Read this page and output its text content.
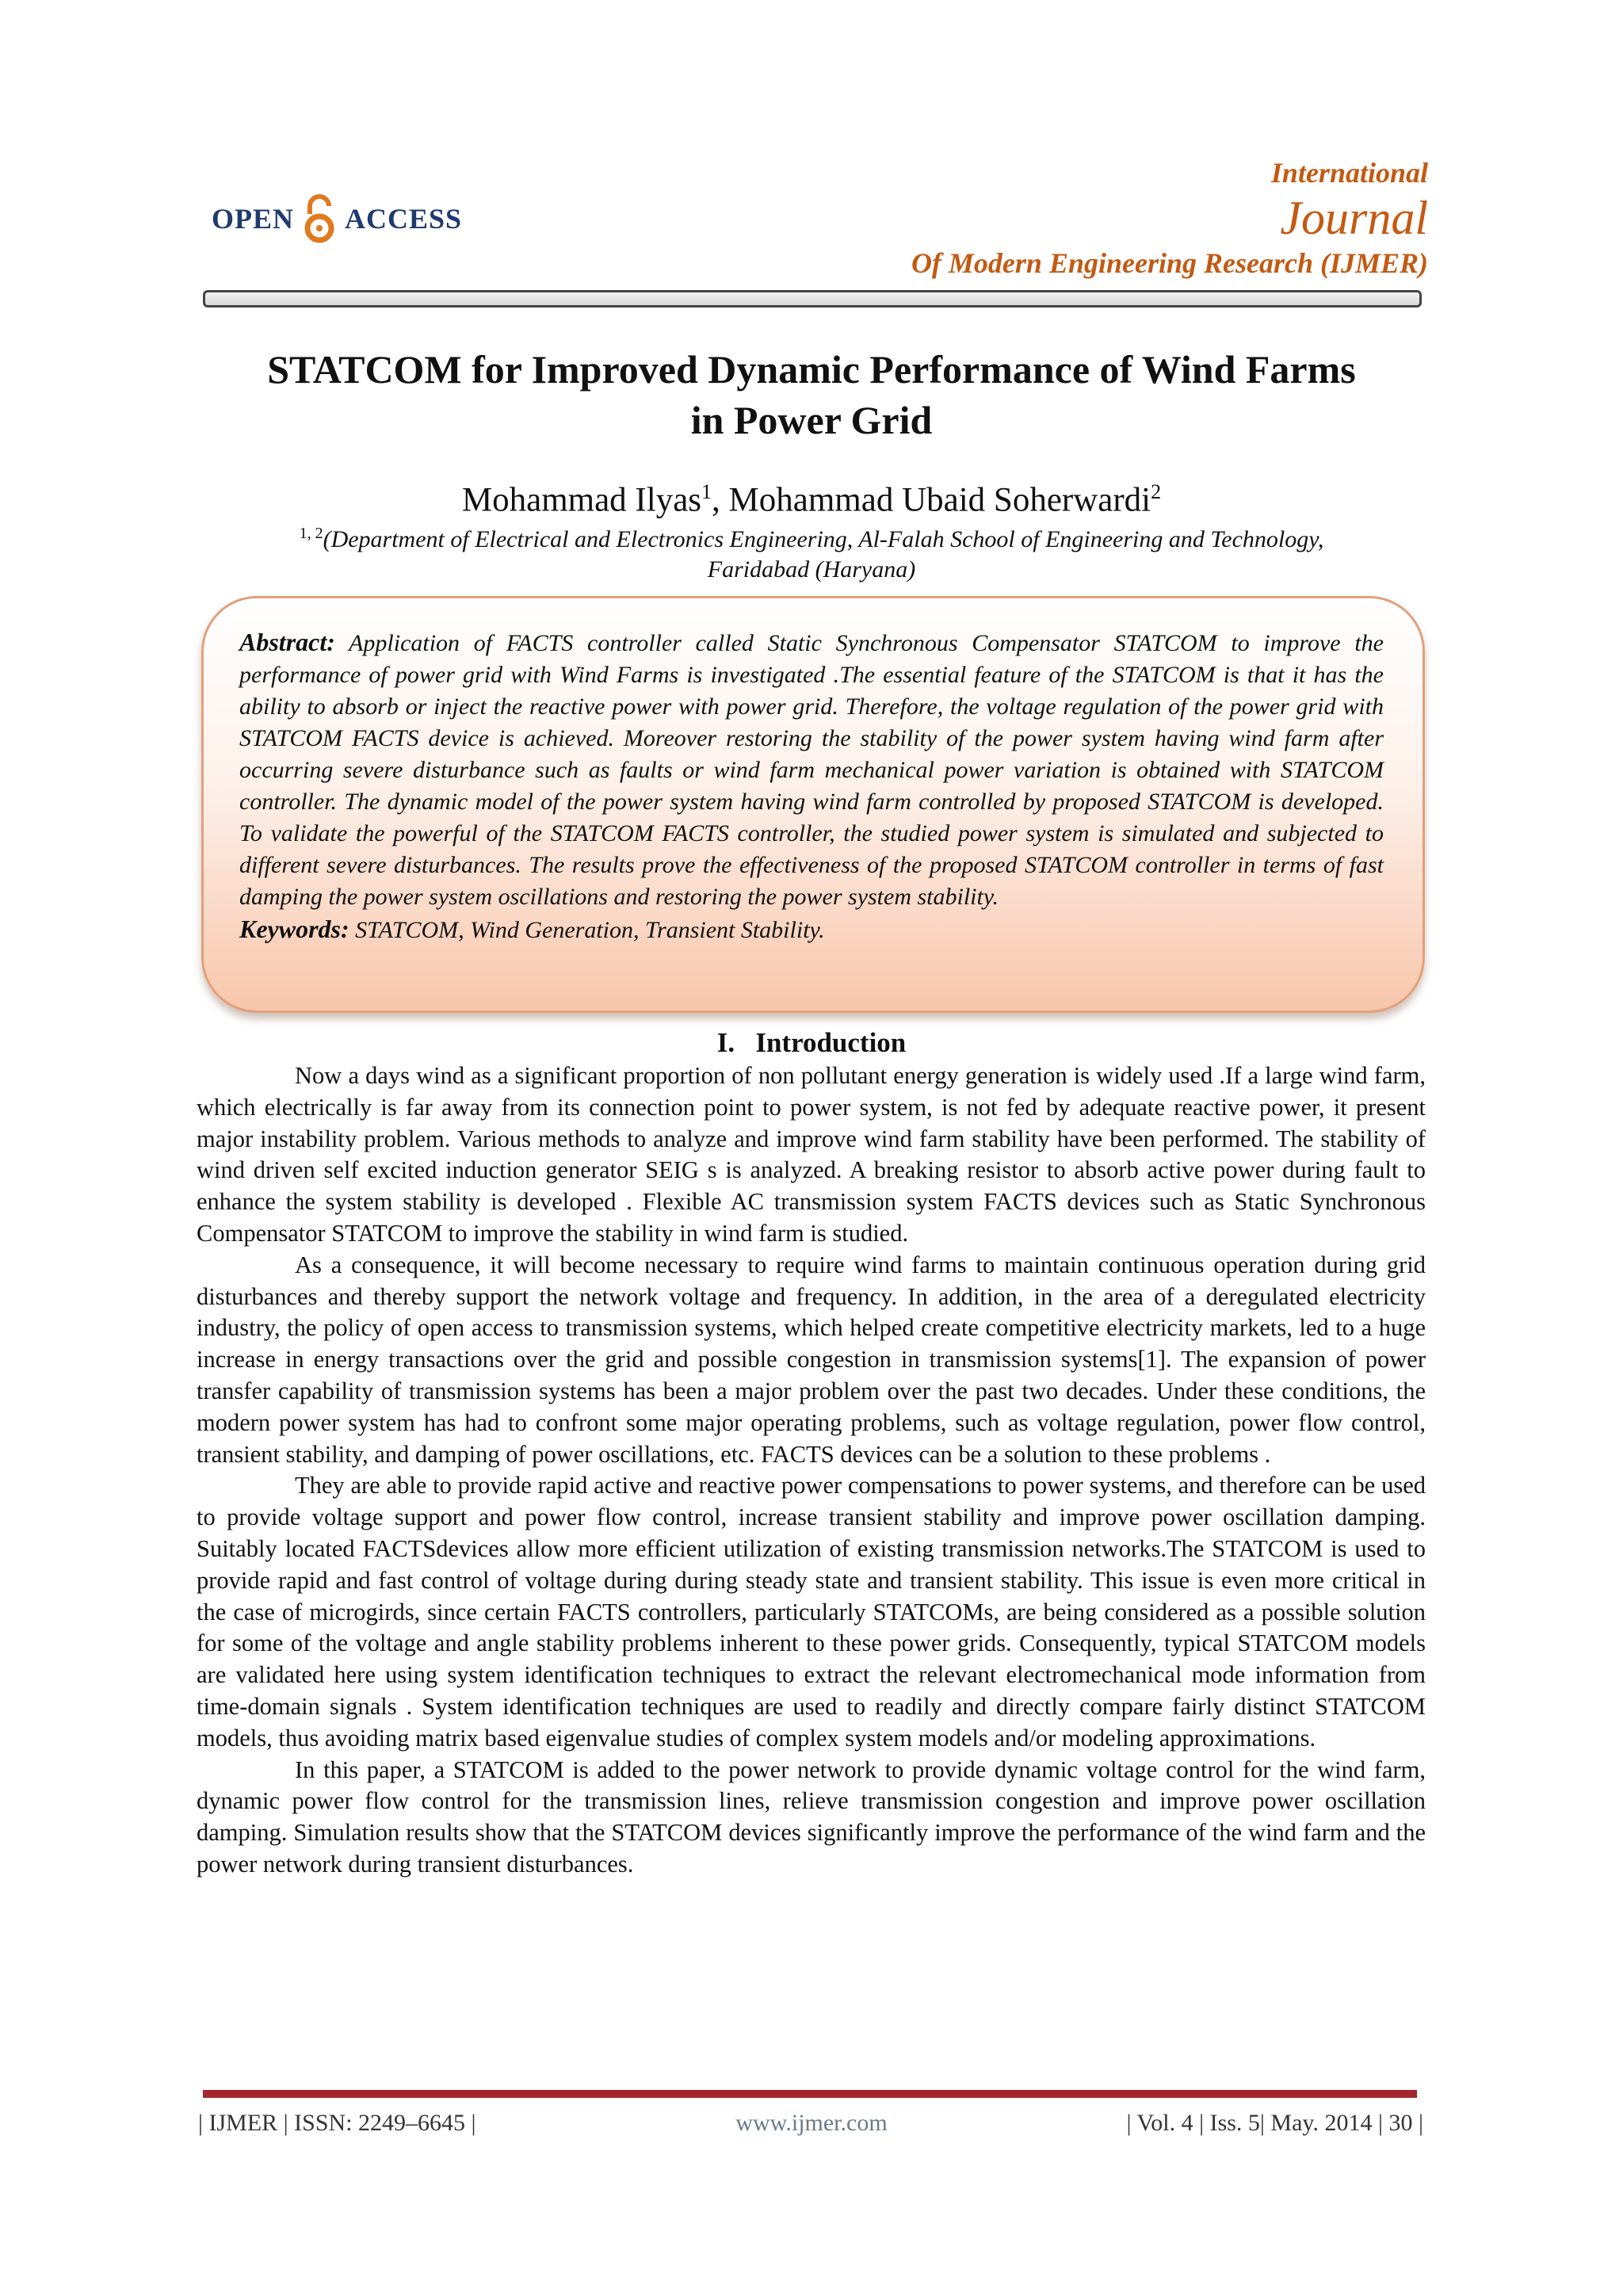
OPEN ACCESS
International
Journal
Of Modern Engineering Research (IJMER)
STATCOM for Improved Dynamic Performance of Wind Farms
in Power Grid
Mohammad Ilyas$^1$, Mohammad Ubaid Soherwardi$^2$
$^{1, 2}$(Department of Electrical and Electronics Engineering, Al-Falah School of Engineering and Technology,
Faridabad (Haryana)
Abstract: Application of FACTS controller called Static Synchronous Compensator STATCOM to improve the performance of power grid with Wind Farms is investigated .The essential feature of the STATCOM is that it has the ability to absorb or inject the reactive power with power grid. Therefore, the voltage regulation of the power grid with STATCOM FACTS device is achieved. Moreover restoring the stability of the power system having wind farm after occurring severe disturbance such as faults or wind farm mechanical power variation is obtained with STATCOM controller. The dynamic model of the power system having wind farm controlled by proposed STATCOM is developed. To validate the powerful of the STATCOM FACTS controller, the studied power system is simulated and subjected to different severe disturbances. The results prove the effectiveness of the proposed STATCOM controller in terms of fast damping the power system oscillations and restoring the power system stability.
Keywords: STATCOM, Wind Generation, Transient Stability.
I.   Introduction

Now a days wind as a significant proportion of non pollutant energy generation is widely used .If a large wind farm, which electrically is far away from its connection point to power system, is not fed by adequate reactive power, it present major instability problem. Various methods to analyze and improve wind farm stability have been performed. The stability of wind driven self excited induction generator SEIG s is analyzed. A breaking resistor to absorb active power during fault to enhance the system stability is developed . Flexible AC transmission system FACTS devices such as Static Synchronous Compensator STATCOM to improve the stability in wind farm is studied.

As a consequence, it will become necessary to require wind farms to maintain continuous operation during grid disturbances and thereby support the network voltage and frequency. In addition, in the area of a deregulated electricity industry, the policy of open access to transmission systems, which helped create competitive electricity markets, led to a huge increase in energy transactions over the grid and possible congestion in transmission systems[1]. The expansion of power transfer capability of transmission systems has been a major problem over the past two decades. Under these conditions, the modern power system has had to confront some major operating problems, such as voltage regulation, power flow control, transient stability, and damping of power oscillations, etc. FACTS devices can be a solution to these problems .

They are able to provide rapid active and reactive power compensations to power systems, and therefore can be used to provide voltage support and power flow control, increase transient stability and improve power oscillation damping. Suitably located FACTSdevices allow more efficient utilization of existing transmission networks.The STATCOM is used to provide rapid and fast control of voltage during during steady state and transient stability. This issue is even more critical in the case of microgirds, since certain FACTS controllers, particularly STATCOMs, are being considered as a possible solution for some of the voltage and angle stability problems inherent to these power grids. Consequently, typical STATCOM models are validated here using system identification techniques to extract the relevant electromechanical mode information from time-domain signals . System identification techniques are used to readily and directly compare fairly distinct STATCOM models, thus avoiding matrix based eigenvalue studies of complex system models and/or modeling approximations.

In this paper, a STATCOM is added to the power network to provide dynamic voltage control for the wind farm, dynamic power flow control for the transmission lines, relieve transmission congestion and improve power oscillation damping. Simulation results show that the STATCOM devices significantly improve the performance of the wind farm and the power network during transient disturbances.

www.ijmer.com
| IJMER | ISSN: 2249–6645 |	| Vol. 4 | Iss. 5| May. 2014 | 30 |
